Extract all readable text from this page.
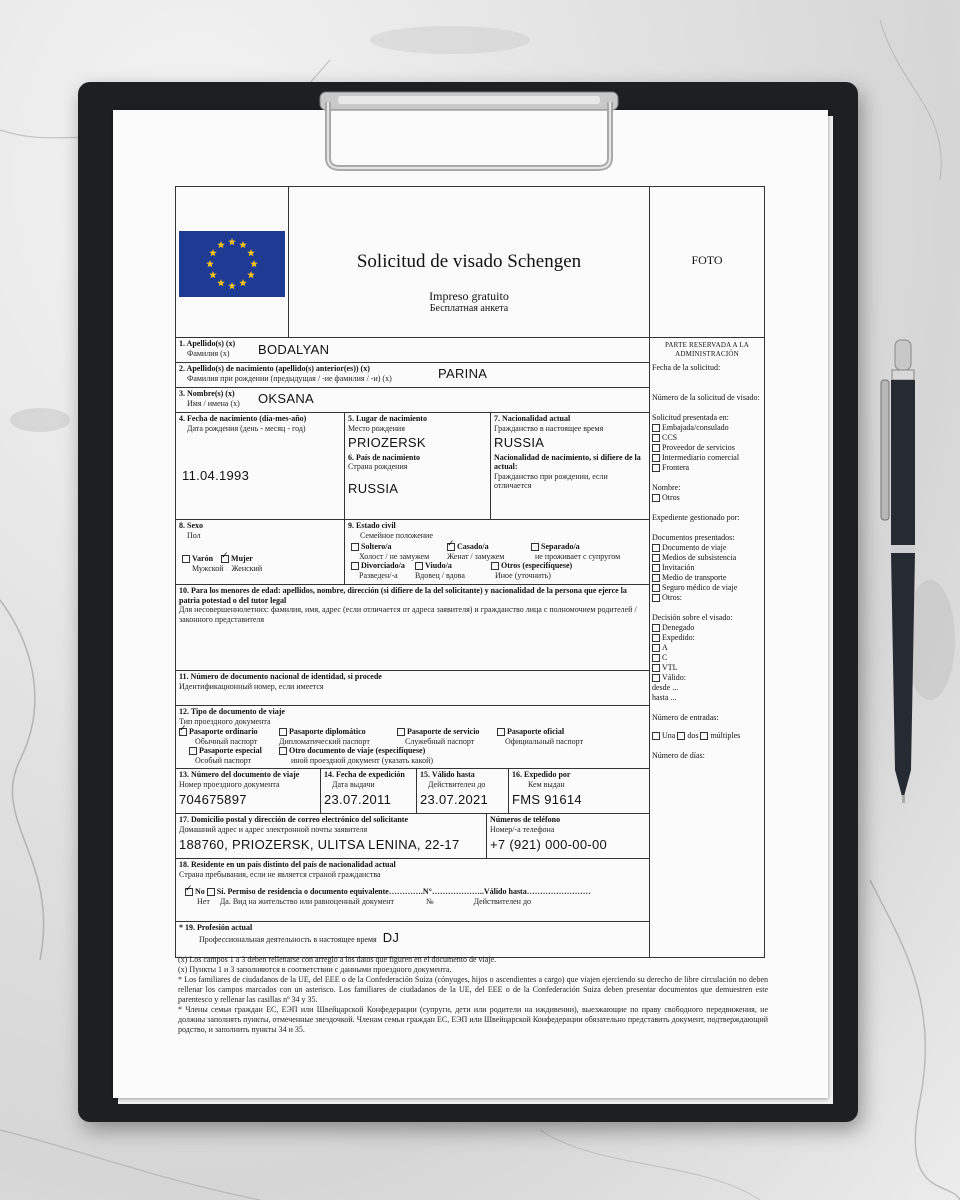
Solicitud de visado Schengen
Impreso gratuito
Бесплатная анкета
FOTO
PARTE RESERVADA A LA
ADMINISTRACIÓN
Fecha de la solicitud:
Número de la solicitud de visado:
Solicitud presentada en:
Embajada/consulado
CCS
Proveedor de servicios
Intermediario comercial
Frontera
Nombre:
Otros
Expediente gestionado por:
Documentos presentados:
Documento de viaje
Medios de subsistencia
Invitación
Medio de transporte
Seguro médico de viaje
Otros:
Decisión sobre el visado:
Denegado
Expedido:
A
C
VTL
Válido:
desde ...
hasta ...
Número de entradas:
Una dos múltiples
Número de días:
1. Apellido(s) (x)
Фамилия (x)	BODALYAN
2. Apellido(s) de nacimiento (apellido(s) anterior(es)) (x)
Фамилия при рождении (предыдущая / -ие фамилия / -и) (x)	PARINA
3. Nombre(s) (x)
Имя / имена (x)	OKSANA
4. Fecha de nacimiento (día-mes-año)
Дата рождения (день - месяц - год)
11.04.1993
5. Lugar de nacimiento
Место рождения
PRIOZERSK
6. País de nacimiento
Страна рождения
RUSSIA
7. Nacionalidad actual
Гражданство в настоящее время
RUSSIA
Nacionalidad de nacimiento, si difiere de la actual:
Гражданство при рождении, если отличается
8. Sexo
Пол
Varón ✓ Mujer
Мужской Женский
9. Estado civil
Семейное положение
Soltero/a
Холост / не замужем
✓Casado/a
Женат / замужем
Separado/a
не проживает с супругом
Divorciado/a
Разведен/-а
Viudo/a
Вдовец / вдова
Otros (especifíquese)
Иное (уточнить)
10. Para los menores de edad: apellidos, nombre, dirección (si difiere de la del solicitante) y nacionalidad de la persona que ejerce la patria potestad o del tutor legal
Для несовершеннолетних: фамилия, имя, адрес (если отличается от адреса заявителя) и гражданство лица с полномочием родителей / законного представителя
11. Número de documento nacional de identidad, si procede
Идентификационный номер, если имеется
12. Tipo de documento de viaje
Тип проездного документа
✓Pasaporte ordinario
Обычный паспорт
Pasaporte diplomático
Дипломатический паспорт
Pasaporte de servicio
Служебный паспорт
Pasaporte oficial
Официальный паспорт
Pasaporte especial
Особый паспорт
Otro documento de viaje (especifíquese)
иной проездной документ (указать какой)
13. Número del documento de viaje
Номер проездного документа
704675897
14. Fecha de expedición
Дата выдачи
23.07.2011
15. Válido hasta
Действителен до
23.07.2021
16. Expedido por
Кем выдан
FMS 91614
17. Domicilio postal y dirección de correo electrónico del solicitante
Домашний адрес и адрес электронной почты заявителя
188760, PRIOZERSK, ULITSA LENINA, 22-17
Números de teléfono
Номер/-а телефона
+7 (921) 000-00-00
18. Residente en un país distinto del país de nacionalidad actual
Страна пребывания, если не является страной гражданства
✓No Sí. Permiso de residencia o documento equivalente………….N°………………..Válido hasta……………………
Нет Да. Вид на жительство или равноценный документ                №                    Действителен до
* 19. Profesión actual
Профессиональная деятельность в настоящее время DJ
(x) Los campos 1 a 3 deben rellenarse con arreglo a los datos que figuren en el documento de viaje.
(x) Пункты 1 и 3 заполняются в соответствии с данными проездного документа.
* Los familiares de ciudadanos de la UE, del EEE o de la Confederación Suiza (cónyuges, hijos o ascendientes a cargo) que viajen ejerciendo su derecho de libre circulación no deben rellenar los campos marcados con un asterisco. Los familiares de ciudadanos de la UE, del EEE o de la Confederación Suiza deben presentar documentos que demuestren este parentesco y rellenar las casillas nº 34 y 35.
* Члены семьи граждан ЕС, ЕЭП или Швейцарской Конфедерации (супруги, дети или родители на иждивении), выезжающие по праву свободного передвижения, не должны заполнять пункты, отмеченные звездочкой. Членам семьи граждан ЕС, ЕЭП или Швейцарской Конфедерации обязательно представить документ, подтверждающий родство, и заполнить пункты 34 и 35.
